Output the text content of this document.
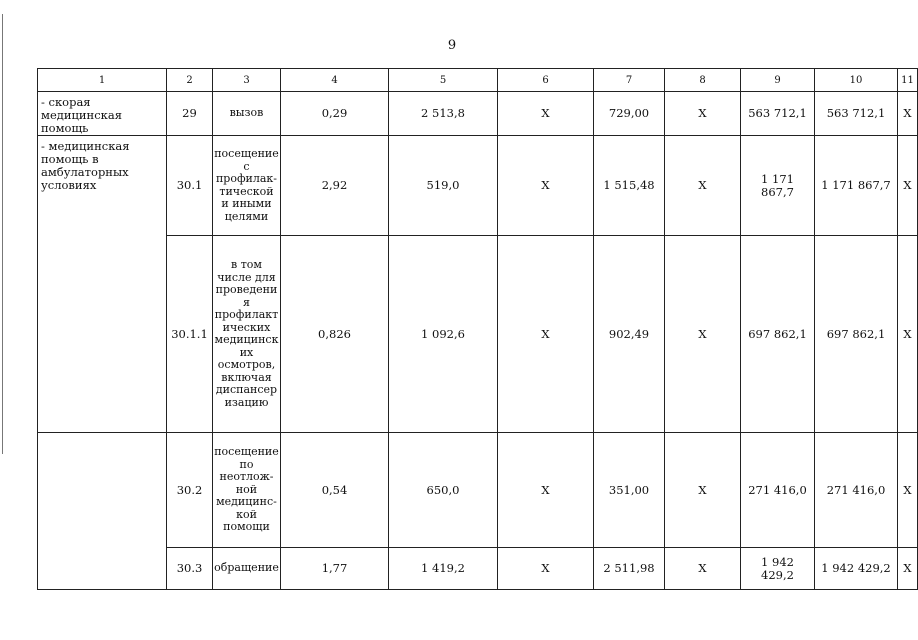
9
1	2	3	4	5	6	7	8	9	10	11
- скорая медицинская помощь	29	вызов	0,29	2 513,8	Х	729,00	Х	563 712,1	563 712,1	Х
- медицинская помощь в амбулаторных условиях	30.1	посещение с профилак-тической и иными целями	2,92	519,0	Х	1 515,48	Х	1 171 867,7	1 171 867,7	Х
	30.1.1	в том числе для проведени я профилакт ических медицинск их осмотров, включая диспансер изацию	0,826	1 092,6	Х	902,49	Х	697 862,1	697 862,1	Х
	30.2	посещение по неотлож-ной медицинс-кой помощи	0,54	650,0	Х	351,00	Х	271 416,0	271 416,0	Х
	30.3	обращение	1,77	1 419,2	Х	2 511,98	Х	1 942 429,2	1 942 429,2	Х
